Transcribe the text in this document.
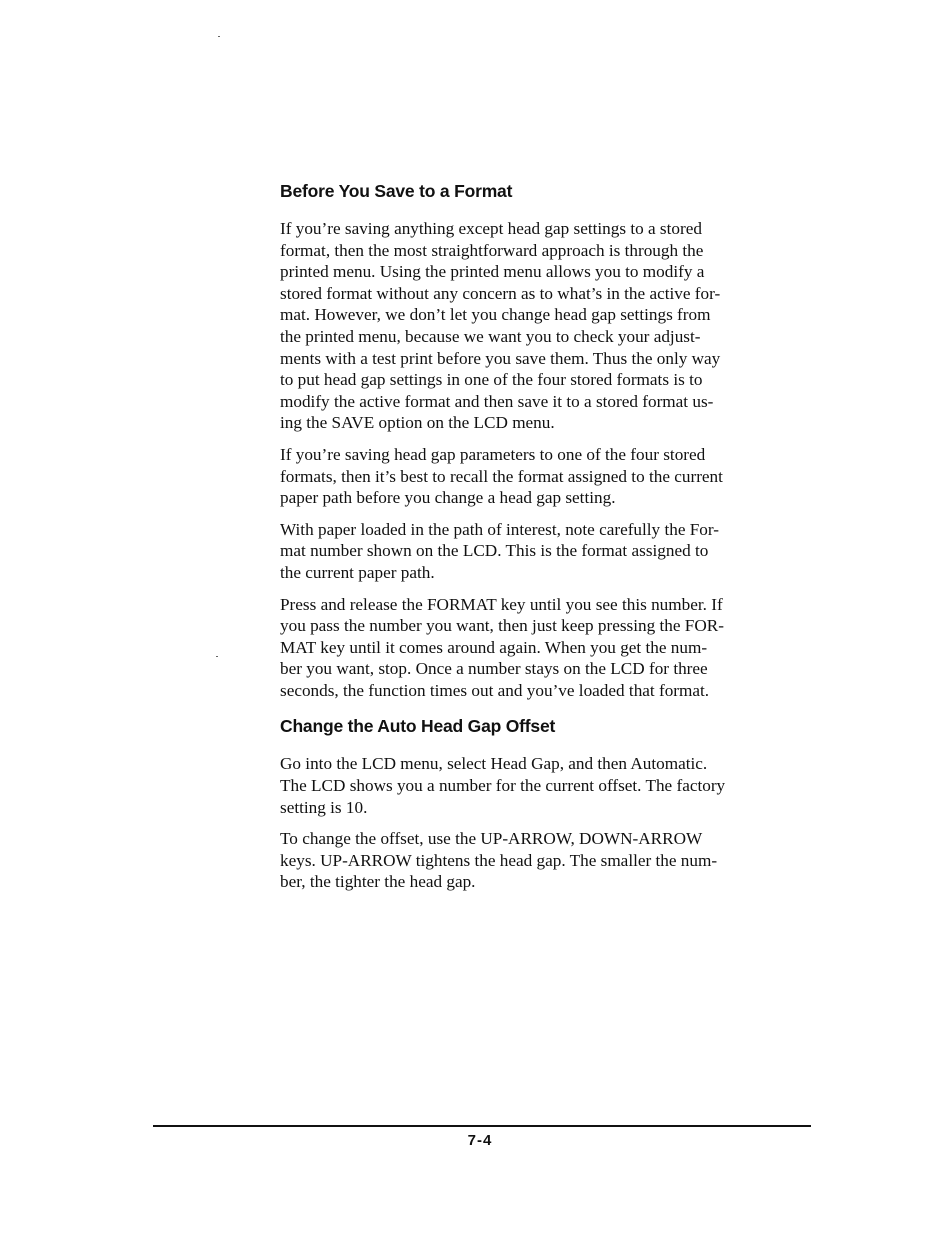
Before You Save to a Format

If you’re saving anything except head gap settings to a stored
format, then the most straightforward approach is through the
printed menu. Using the printed menu allows you to modify a
stored format without any concern as to what’s in the active for-
mat. However, we don’t let you change head gap settings from
the printed menu, because we want you to check your adjust-
ments with a test print before you save them. Thus the only way
to put head gap settings in one of the four stored formats is to
modify the active format and then save it to a stored format us-
ing the SAVE option on the LCD menu.

If you’re saving head gap parameters to one of the four stored
formats, then it’s best to recall the format assigned to the current
paper path before you change a head gap setting.

With paper loaded in the path of interest, note carefully the For-
mat number shown on the LCD. This is the format assigned to
the current paper path.

Press and release the FORMAT key until you see this number. If
you pass the number you want, then just keep pressing the FOR-
MAT key until it comes around again. When you get the num-
ber you want, stop. Once a number stays on the LCD for three
seconds, the function times out and you’ve loaded that format.

Change the Auto Head Gap Offset

Go into the LCD menu, select Head Gap, and then Automatic.
The LCD shows you a number for the current offset. The factory
setting is 10.

To change the offset, use the UP-ARROW, DOWN-ARROW
keys. UP-ARROW tightens the head gap. The smaller the num-
ber, the tighter the head gap.

7-4
